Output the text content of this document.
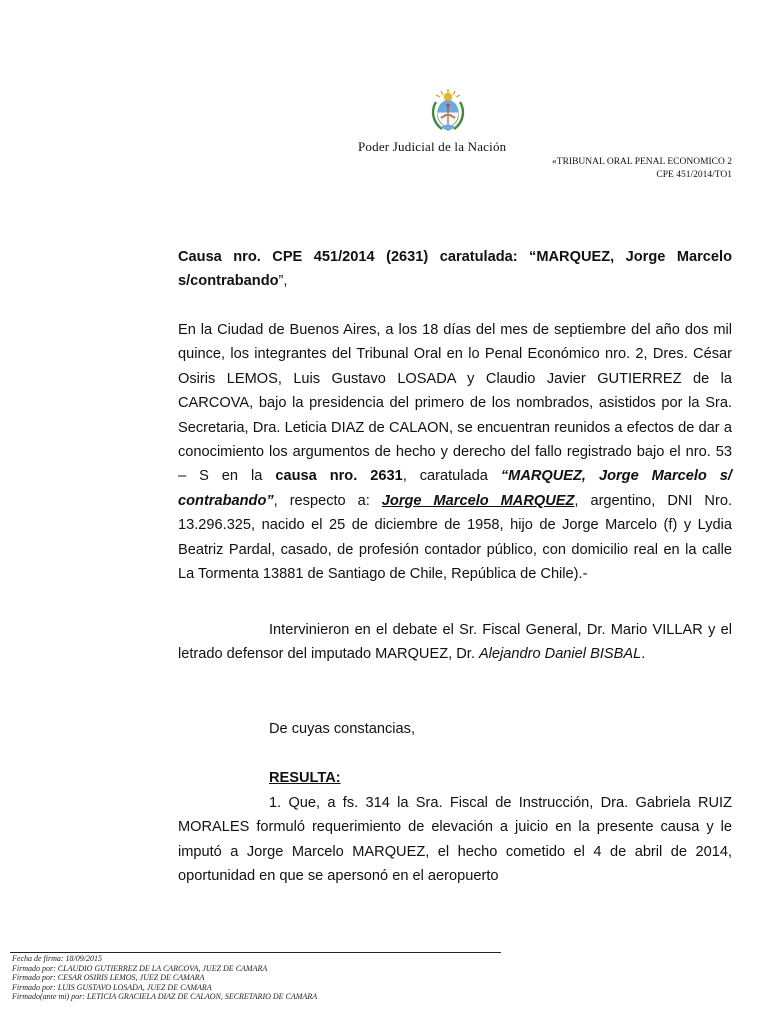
Poder Judicial de la Nación
«TRIBUNAL ORAL PENAL ECONOMICO 2
CPE 451/2014/TO1

Causa nro. CPE 451/2014 (2631) caratulada: “MARQUEZ, Jorge Marcelo s/contrabando”,

En la Ciudad de Buenos Aires, a los 18 días del mes de septiembre del año dos mil quince, los integrantes del Tribunal Oral en lo Penal Económico nro. 2, Dres. César Osiris LEMOS, Luis Gustavo LOSADA y Claudio Javier GUTIERREZ de la CARCOVA, bajo la presidencia del primero de los nombrados, asistidos por la Sra. Secretaria, Dra. Leticia DIAZ de CALAON, se encuentran reunidos a efectos de dar a conocimiento los argumentos de hecho y derecho del fallo registrado bajo el nro. 53 – S en la causa nro. 2631, caratulada “MARQUEZ, Jorge Marcelo s/ contrabando”, respecto a: Jorge Marcelo MARQUEZ, argentino, DNI Nro. 13.296.325, nacido el 25 de diciembre de 1958, hijo de Jorge Marcelo (f) y Lydia Beatriz Pardal, casado, de profesión contador público, con domicilio real en la calle La Tormenta 13881 de Santiago de Chile, República de Chile).-

Intervinieron en el debate el Sr. Fiscal General, Dr. Mario VILLAR y el letrado defensor del imputado MARQUEZ, Dr. Alejandro Daniel BISBAL.

De cuyas constancias,

RESULTA:

1. Que, a fs. 314 la Sra. Fiscal de Instrucción, Dra. Gabriela RUIZ MORALES formuló requerimiento de elevación a juicio en la presente causa y le imputó a Jorge Marcelo MARQUEZ, el hecho cometido el 4 de abril de 2014, oportunidad en que se apersonó en el aeropuerto

Fecha de firma: 18/09/2015
Firmado por: CLAUDIO GUTIERREZ DE LA CARCOVA, JUEZ DE CAMARA
Firmado por: CESAR OSIRIS LEMOS, JUEZ DE CAMARA
Firmado por: LUIS GUSTAVO LOSADA, JUEZ DE CAMARA
Firmado(ante mi) por: LETICIA GRACIELA DIAZ DE CALAON, SECRETARIO DE CAMARA
